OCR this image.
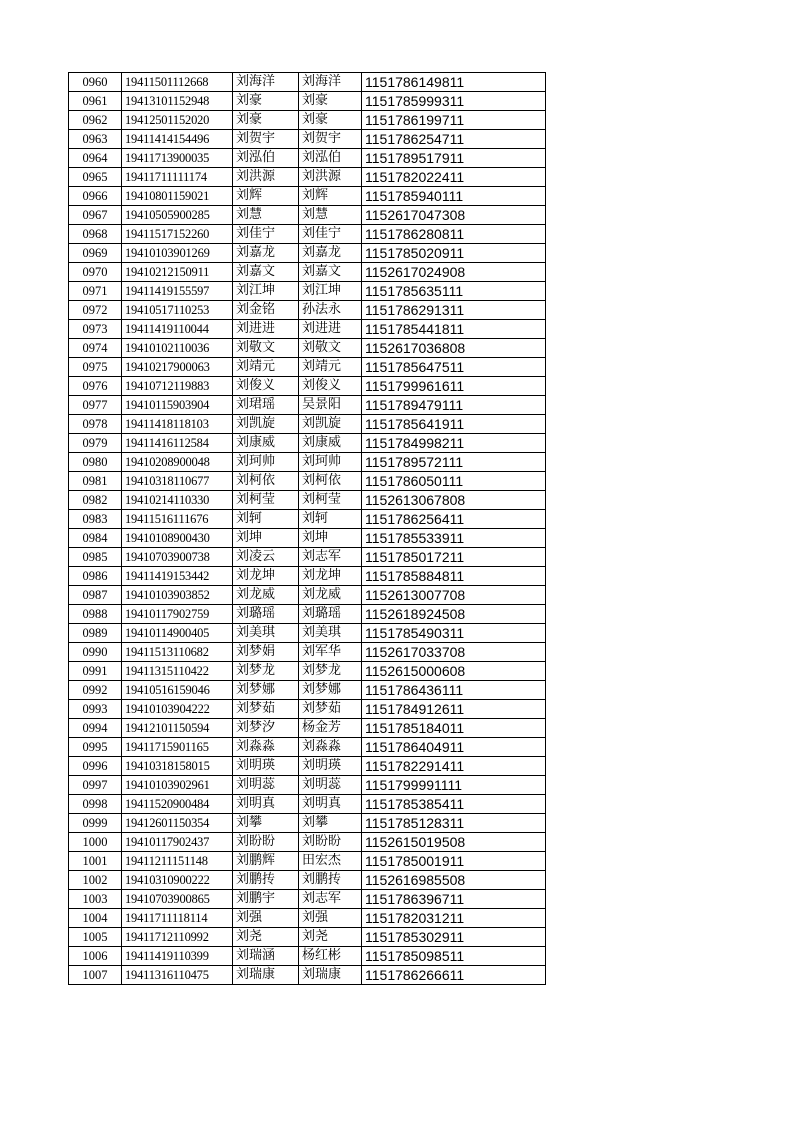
0960	19411501112668	刘海洋	刘海洋	1151786149811
0961	19413101152948	刘豪	刘豪	1151785999311
0962	19412501152020	刘豪	刘豪	1151786199711
0963	19411414154496	刘贺宇	刘贺宇	1151786254711
0964	19411713900035	刘泓伯	刘泓伯	1151789517911
0965	19411711111174	刘洪源	刘洪源	1151782022411
0966	19410801159021	刘辉	刘辉	1151785940111
0967	19410505900285	刘慧	刘慧	1152617047308
0968	19411517152260	刘佳宁	刘佳宁	1151786280811
0969	19410103901269	刘嘉龙	刘嘉龙	1151785020911
0970	19410212150911	刘嘉文	刘嘉文	1152617024908
0971	19411419155597	刘江坤	刘江坤	1151785635111
0972	19410517110253	刘金铭	孙法永	1151786291311
0973	19411419110044	刘进进	刘进进	1151785441811
0974	19410102110036	刘敬文	刘敬文	1152617036808
0975	19410217900063	刘靖元	刘靖元	1151785647511
0976	19410712119883	刘俊义	刘俊义	1151799961611
0977	19410115903904	刘珺瑶	吴景阳	1151789479111
0978	19411418118103	刘凯旋	刘凯旋	1151785641911
0979	19411416112584	刘康威	刘康威	1151784998211
0980	19410208900048	刘珂帅	刘珂帅	1151789572111
0981	19410318110677	刘柯依	刘柯依	1151786050111
0982	19410214110330	刘柯莹	刘柯莹	1152613067808
0983	19411516111676	刘轲	刘轲	1151786256411
0984	19410108900430	刘坤	刘坤	1151785533911
0985	19410703900738	刘凌云	刘志军	1151785017211
0986	19411419153442	刘龙坤	刘龙坤	1151785884811
0987	19410103903852	刘龙威	刘龙威	1152613007708
0988	19410117902759	刘璐瑶	刘璐瑶	1152618924508
0989	19410114900405	刘美琪	刘美琪	1151785490311
0990	19411513110682	刘梦娟	刘军华	1152617033708
0991	19411315110422	刘梦龙	刘梦龙	1152615000608
0992	19410516159046	刘梦娜	刘梦娜	1151786436111
0993	19410103904222	刘梦茹	刘梦茹	1151784912611
0994	19412101150594	刘梦汐	杨金芳	1151785184011
0995	19411715901165	刘淼淼	刘淼淼	1151786404911
0996	19410318158015	刘明瑛	刘明瑛	1151782291411
0997	19410103902961	刘明蕊	刘明蕊	1151799991111
0998	19411520900484	刘明真	刘明真	1151785385411
0999	19412601150354	刘攀	刘攀	1151785128311
1000	19410117902437	刘盼盼	刘盼盼	1152615019508
1001	19411211151148	刘鹏辉	田宏杰	1151785001911
1002	19410310900222	刘鹏抟	刘鹏抟	1152616985508
1003	19410703900865	刘鹏宇	刘志军	1151786396711
1004	19411711118114	刘强	刘强	1151782031211
1005	19411712110992	刘尧	刘尧	1151785302911
1006	19411419110399	刘瑞涵	杨红彬	1151785098511
1007	19411316110475	刘瑞康	刘瑞康	1151786266611
